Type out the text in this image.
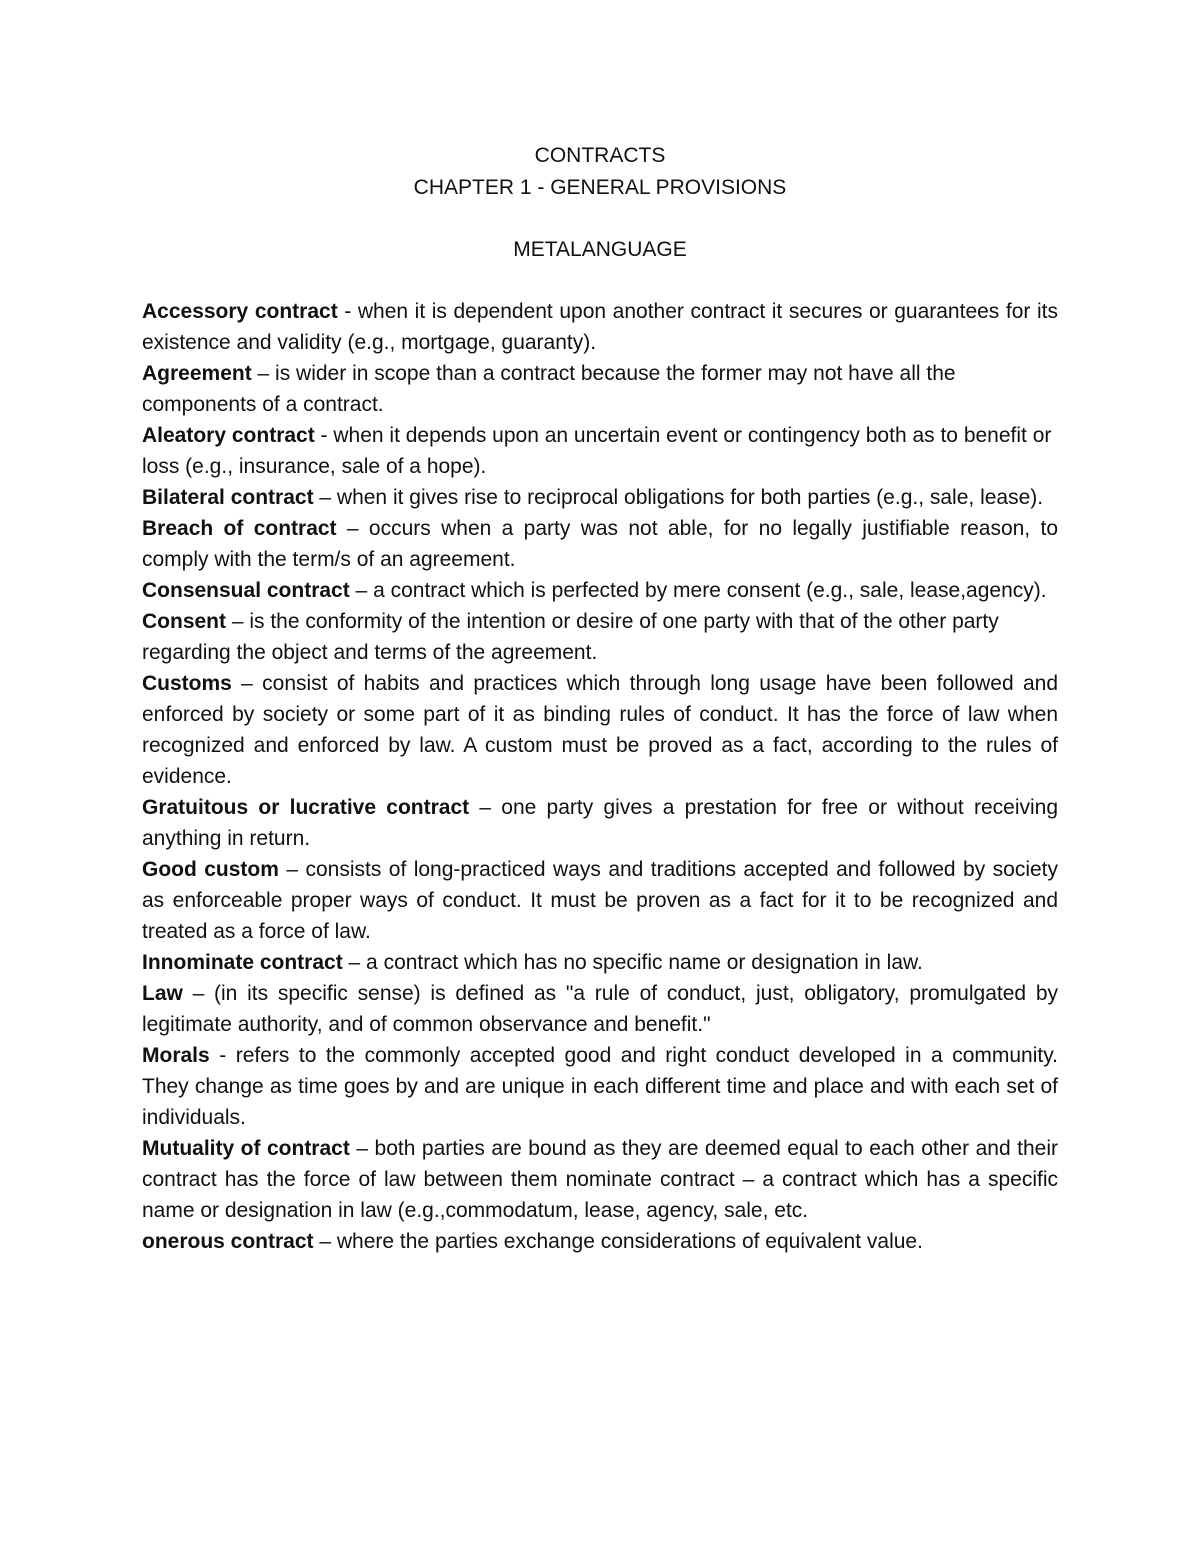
CONTRACTS
CHAPTER 1 - GENERAL PROVISIONS
METALANGUAGE

Accessory contract - when it is dependent upon another contract it secures or guarantees for its existence and validity (e.g., mortgage, guaranty).

Agreement – is wider in scope than a contract because the former may not have all the components of a contract.

Aleatory contract - when it depends upon an uncertain event or contingency both as to benefit or loss (e.g., insurance, sale of a hope).

Bilateral contract – when it gives rise to reciprocal obligations for both parties (e.g., sale, lease).

Breach of contract – occurs when a party was not able, for no legally justifiable reason, to comply with the term/s of an agreement.

Consensual contract – a contract which is perfected by mere consent (e.g., sale, lease,agency).

Consent – is the conformity of the intention or desire of one party with that of the other party regarding the object and terms of the agreement.

Customs – consist of habits and practices which through long usage have been followed and enforced by society or some part of it as binding rules of conduct. It has the force of law when recognized and enforced by law. A custom must be proved as a fact, according to the rules of evidence.

Gratuitous or lucrative contract – one party gives a prestation for free or without receiving anything in return.

Good custom – consists of long-practiced ways and traditions accepted and followed by society as enforceable proper ways of conduct. It must be proven as a fact for it to be recognized and treated as a force of law.

Innominate contract – a contract which has no specific name or designation in law.

Law – (in its specific sense) is defined as "a rule of conduct, just, obligatory, promulgated by legitimate authority, and of common observance and benefit."

Morals - refers to the commonly accepted good and right conduct developed in a community. They change as time goes by and are unique in each different time and place and with each set of individuals.

Mutuality of contract – both parties are bound as they are deemed equal to each other and their contract has the force of law between them nominate contract – a contract which has a specific name or designation in law (e.g.,commodatum, lease, agency, sale, etc.

onerous contract – where the parties exchange considerations of equivalent value.
